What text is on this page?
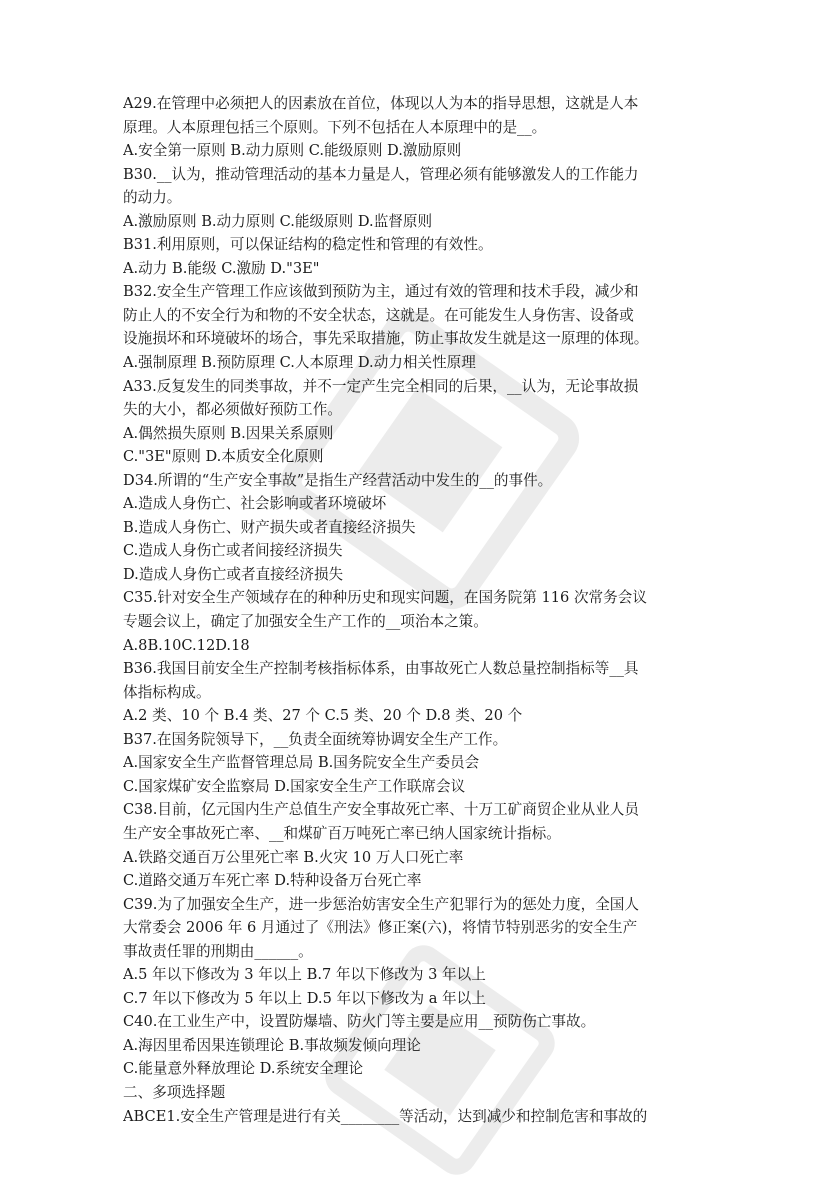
A29.在管理中必须把人的因素放在首位，体现以人为本的指导思想，这就是人本
原理。人本原理包括三个原则。下列不包括在人本原理中的是__。
A.安全第一原则 B.动力原则 C.能级原则 D.激励原则
B30.__认为，推动管理活动的基本力量是人，管理必须有能够激发人的工作能力
的动力。
A.激励原则 B.动力原则 C.能级原则 D.监督原则
B31.利用原则，可以保证结构的稳定性和管理的有效性。
A.动力 B.能级 C.激励 D."3E"
B32.安全生产管理工作应该做到预防为主，通过有效的管理和技术手段，减少和
防止人的不安全行为和物的不安全状态，这就是。在可能发生人身伤害、设备或
设施损坏和环境破坏的场合，事先采取措施，防止事故发生就是这一原理的体现。
A.强制原理 B.预防原理 C.人本原理 D.动力相关性原理
A33.反复发生的同类事故，并不一定产生完全相同的后果，__认为，无论事故损
失的大小，都必须做好预防工作。
A.偶然损失原则 B.因果关系原则
C."3E"原则 D.本质安全化原则
D34.所谓的“生产安全事故”是指生产经营活动中发生的__的事件。
A.造成人身伤亡、社会影响或者环境破坏
B.造成人身伤亡、财产损失或者直接经济损失
C.造成人身伤亡或者间接经济损失
D.造成人身伤亡或者直接经济损失
C35.针对安全生产领域存在的种种历史和现实问题，在国务院第 116 次常务会议
专题会议上，确定了加强安全生产工作的__项治本之策。
A.8B.10C.12D.18
B36.我国目前安全生产控制考核指标体系，由事故死亡人数总量控制指标等__具
体指标构成。
A.2 类、10 个 B.4 类、27 个 C.5 类、20 个 D.8 类、20 个
B37.在国务院领导下，__负责全面统筹协调安全生产工作。
A.国家安全生产监督管理总局 B.国务院安全生产委员会
C.国家煤矿安全监察局 D.国家安全生产工作联席会议
C38.目前，亿元国内生产总值生产安全事故死亡率、十万工矿商贸企业从业人员
生产安全事故死亡率、__和煤矿百万吨死亡率已纳人国家统计指标。
A.铁路交通百万公里死亡率 B.火灾 10 万人口死亡率
C.道路交通万车死亡率 D.特种设备万台死亡率
C39.为了加强安全生产，进一步惩治妨害安全生产犯罪行为的惩处力度，全国人
大常委会 2006 年 6 月通过了《刑法》修正案(六)，将情节特别恶劣的安全生产
事故责任罪的刑期由______。
A.5 年以下修改为 3 年以上 B.7 年以下修改为 3 年以上
C.7 年以下修改为 5 年以上 D.5 年以下修改为 a 年以上
C40.在工业生产中，设置防爆墙、防火门等主要是应用__预防伤亡事故。
A.海因里希因果连锁理论 B.事故频发倾向理论
C.能量意外释放理论 D.系统安全理论
二、多项选择题
ABCE1.安全生产管理是进行有关________等活动，达到减少和控制危害和事故的
